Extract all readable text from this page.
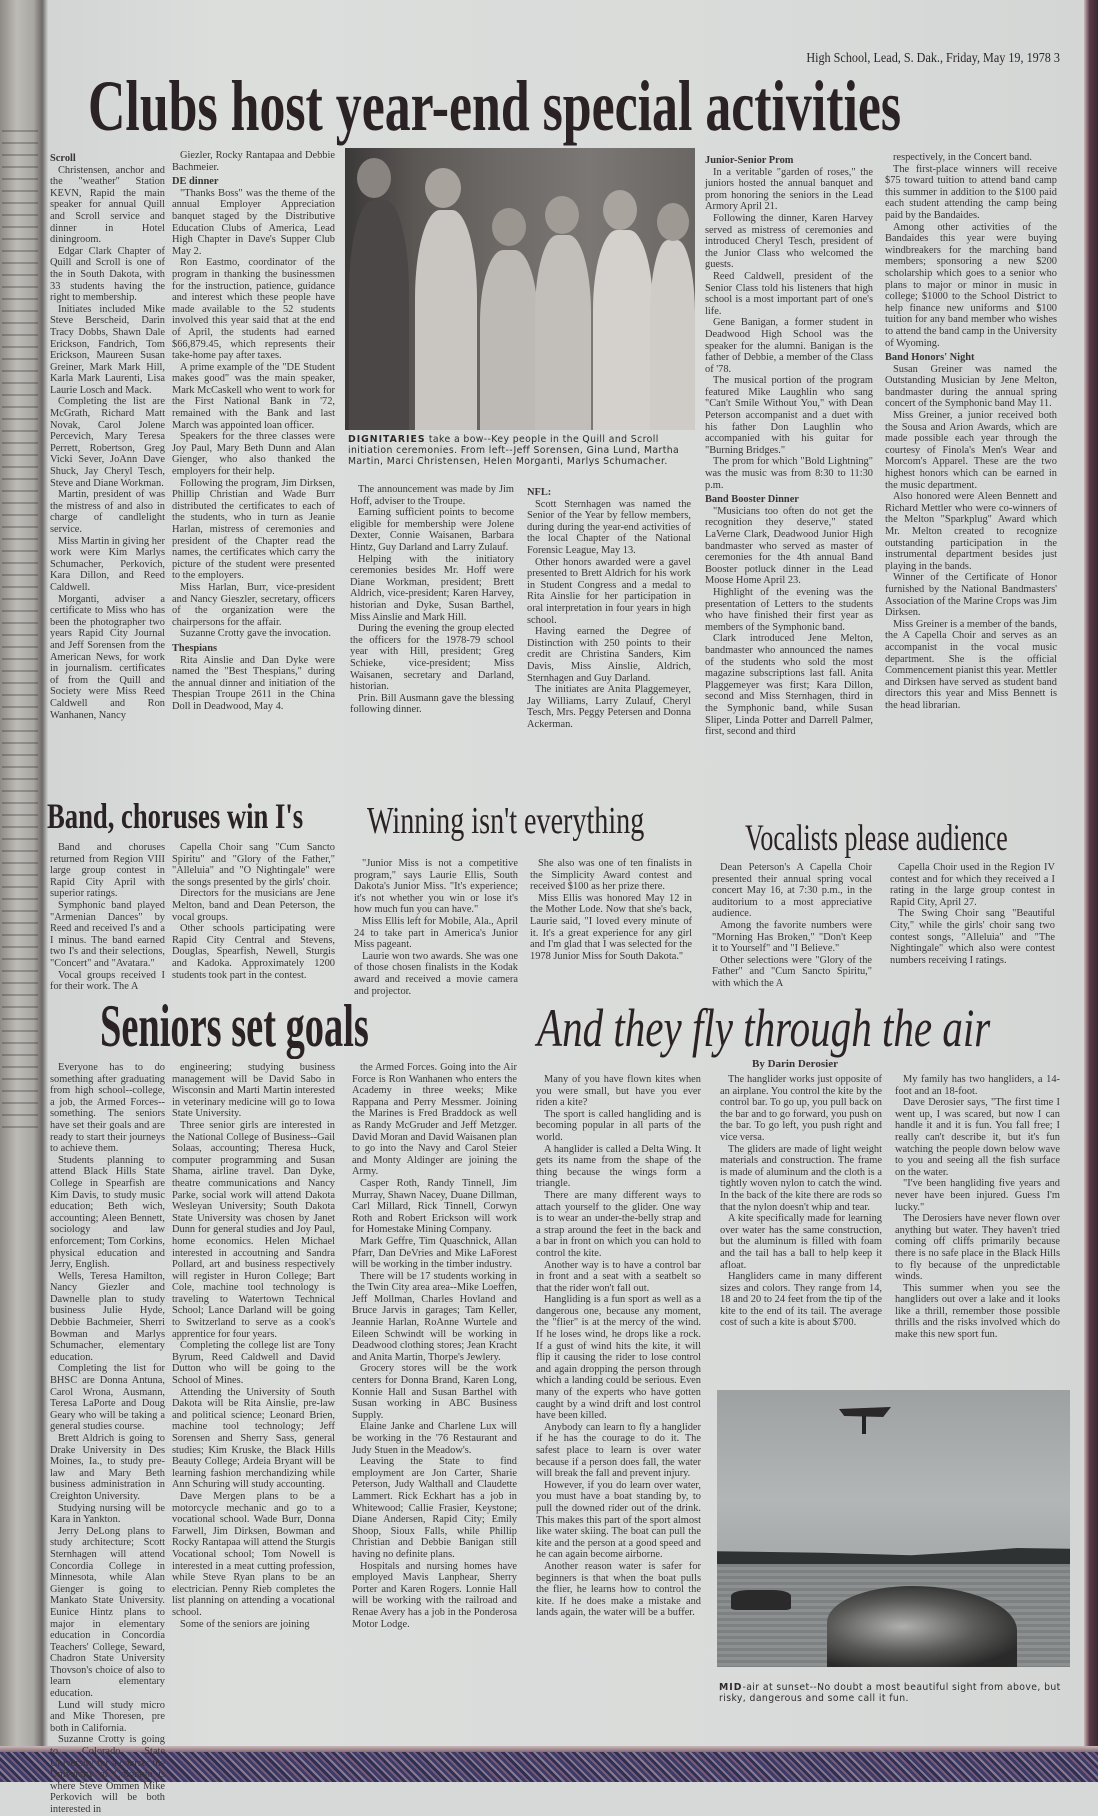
High School, Lead, S. Dak., Friday, May 19, 1978 3
Clubs host year-end special activities

Scroll

Christensen, anchor and the "weather" Station KEVN, Rapid the main speaker for annual Quill and Scroll service and dinner in Hotel diningroom.

Edgar Clark Chapter of Quill and Scroll is one of the in South Dakota, with 33 students having the right to membership.

Initiates included Mike Steve Berscheid, Darin Tracy Dobbs, Shawn Dale Erickson, Fandrich, Tom Erickson, Maureen Susan Greiner, Mark Mark Hill, Karla Mark Laurenti, Lisa Laurie Losch and Mack.

Completing the list are McGrath, Richard Matt Novak, Carol Jolene Percevich, Mary Teresa Perrett, Robertson, Greg Vicki Sever, JoAnn Dave Shuck, Jay Cheryl Tesch, Steve and Diane Workman.

Martin, president of was the mistress of and also in charge of candlelight service.

Miss Martin in giving her work were Kim Marlys Schumacher, Perkovich, Kara Dillon, and Reed Caldwell.

Morganti, adviser a certificate to Miss who has been the photographer two years Rapid City Journal and Jeff Sorensen from the American News, for work in journalism. certificates of from the Quill and Society were Miss Reed Caldwell and Ron Wanhanen, Nancy

Giezler, Rocky Rantapaa and Debbie Bachmeier.

DE dinner

"Thanks Boss" was the theme of the annual Employer Appreciation banquet staged by the Distributive Education Clubs of America, Lead High Chapter in Dave's Supper Club May 2.

Ron Eastmo, coordinator of the program in thanking the businessmen for the instruction, patience, guidance and interest which these people have made available to the 52 students involved this year said that at the end of April, the students had earned $66,879.45, which represents their take-home pay after taxes.

A prime example of the "DE Student makes good" was the main speaker, Mark McCaskell who went to work for the First National Bank in '72, remained with the Bank and last March was appointed loan officer.

Speakers for the three classes were Joy Paul, Mary Beth Dunn and Alan Gienger, who also thanked the employers for their help.

Following the program, Jim Dirksen, Phillip Christian and Wade Burr distributed the certificates to each of the students, who in turn as Jeanie Harlan, mistress of ceremonies and president of the Chapter read the names, the certificates which carry the picture of the student were presented to the employers.

Miss Harlan, Burr, vice-president and Nancy Gieszler, secretary, officers of the organization were the chairpersons for the affair.

Suzanne Crotty gave the invocation.

Thespians

Rita Ainslie and Dan Dyke were named the "Best Thespians," during the annual dinner and initiation of the Thespian Troupe 2611 in the China Doll in Deadwood, May 4.

DIGNITARIES take a bow--Key people in the Quill and Scroll initiation ceremonies. From left--Jeff Sorensen, Gina Lund, Martha Martin, Marci Christensen, Helen Morganti, Marlys Schumacher.

The announcement was made by Jim Hoff, adviser to the Troupe.

Earning sufficient points to become eligible for membership were Jolene Dexter, Connie Waisanen, Barbara Hintz, Guy Darland and Larry Zulauf.

Helping with the initiatory ceremonies besides Mr. Hoff were Diane Workman, president; Brett Aldrich, vice-president; Karen Harvey, historian and Dyke, Susan Barthel, Miss Ainslie and Mark Hill.

During the evening the group elected the officers for the 1978-79 school year with Hill, president; Greg Schieke, vice-president; Miss Waisanen, secretary and Darland, historian.

Prin. Bill Ausmann gave the blessing following dinner.

NFL:

Scott Sternhagen was named the Senior of the Year by fellow members, during during the year-end activities of the local Chapter of the National Forensic League, May 13.

Other honors awarded were a gavel presented to Brett Aldrich for his work in Student Congress and a medal to Rita Ainslie for her participation in oral interpretation in four years in high school.

Having earned the Degree of Distinction with 250 points to their credit are Christina Sanders, Kim Davis, Miss Ainslie, Aldrich, Sternhagen and Guy Darland.

The initiates are Anita Plaggemeyer, Jay Williams, Larry Zulauf, Cheryl Tesch, Mrs. Peggy Petersen and Donna Ackerman.

Junior-Senior Prom

In a veritable "garden of roses," the juniors hosted the annual banquet and prom honoring the seniors in the Lead Armory April 21.

Following the dinner, Karen Harvey served as mistress of ceremonies and introduced Cheryl Tesch, president of the Junior Class who welcomed the guests.

Reed Caldwell, president of the Senior Class told his listeners that high school is a most important part of one's life.

Gene Banigan, a former student in Deadwood High School was the speaker for the alumni. Banigan is the father of Debbie, a member of the Class of '78.

The musical portion of the program featured Mike Laughlin who sang "Can't Smile Without You," with Dean Peterson accompanist and a duet with his father Don Laughlin who accompanied with his guitar for "Burning Bridges."

The prom for which "Bold Lightning" was the music was from 8:30 to 11:30 p.m.

Band Booster Dinner

"Musicians too often do not get the recognition they deserve," stated LaVerne Clark, Deadwood Junior High bandmaster who served as master of ceremonies for the 4th annual Band Booster potluck dinner in the Lead Moose Home April 23.

Highlight of the evening was the presentation of Letters to the students who have finished their first year as members of the Symphonic band.

Clark introduced Jene Melton, bandmaster who announced the names of the students who sold the most magazine subscriptions last fall. Anita Plaggemeyer was first; Kara Dillon, second and Miss Sternhagen, third in the Symphonic band, while Susan Sliper, Linda Potter and Darrell Palmer, first, second and third

respectively, in the Concert band.

The first-place winners will receive $75 toward tuition to attend band camp this summer in addition to the $100 paid each student attending the camp being paid by the Bandaides.

Among other activities of the Bandaides this year were buying windbreakers for the marching band members; sponsoring a new $200 scholarship which goes to a senior who plans to major or minor in music in college; $1000 to the School District to help finance new uniforms and $100 tuition for any band member who wishes to attend the band camp in the University of Wyoming.

Band Honors' Night

Susan Greiner was named the Outstanding Musician by Jene Melton, bandmaster during the annual spring concert of the Symphonic band May 11.

Miss Greiner, a junior received both the Sousa and Arion Awards, which are made possible each year through the courtesy of Finola's Men's Wear and Morcom's Apparel. These are the two highest honors which can be earned in the music department.

Also honored were Aleen Bennett and Richard Mettler who were co-winners of the Melton "Sparkplug" Award which Mr. Melton created to recognize outstanding participation in the instrumental department besides just playing in the bands.

Winner of the Certificate of Honor furnished by the National Bandmasters' Association of the Marine Crops was Jim Dirksen.

Miss Greiner is a member of the bands, the A Capella Choir and serves as an accompanist in the vocal music department. She is the official Commencement pianist this year. Mettler and Dirksen have served as student band directors this year and Miss Bennett is the head librarian.

Band, choruses win I's

Band and choruses returned from Region VIII large group contest in Rapid City April with superior ratings.

Symphonic band played "Armenian Dances" by Reed and received I's and a I minus. The band earned two I's and their selections, "Concert" and "Avatara."

Vocal groups received I for their work. The A

Capella Choir sang "Cum Sancto Spiritu" and "Glory of the Father," "Alleluia" and "O Nightingale" were the songs presented by the girls' choir.

Directors for the musicians are Jene Melton, band and Dean Peterson, the vocal groups.

Other schools participating were Rapid City Central and Stevens, Douglas, Spearfish, Newell, Sturgis and Kadoka. Approximately 1200 students took part in the contest.

Winning isn't everything

"Junior Miss is not a competitive program," says Laurie Ellis, South Dakota's Junior Miss. "It's experience; it's not whether you win or lose it's how much fun you can have."

Miss Ellis left for Mobile, Ala., April 24 to take part in America's Junior Miss pageant.

Laurie won two awards. She was one of those chosen finalists in the Kodak award and received a movie camera and projector.

She also was one of ten finalists in the Simplicity Award contest and received $100 as her prize there.

Miss Ellis was honored May 12 in the Mother Lode. Now that she's back, Laurie said, "I loved every minute of it. It's a great experience for any girl and I'm glad that I was selected for the 1978 Junior Miss for South Dakota."

Vocalists please audience

Dean Peterson's A Capella Choir presented their annual spring vocal concert May 16, at 7:30 p.m., in the auditorium to a most appreciative audience.

Among the favorite numbers were "Morning Has Broken," "Don't Keep it to Yourself" and "I Believe."

Other selections were "Glory of the Father" and "Cum Sancto Spiritu," with which the A

Capella Choir used in the Region IV contest and for which they received a I rating in the large group contest in Rapid City, April 27.

The Swing Choir sang "Beautiful City," while the girls' choir sang two contest songs, "Alleluia" and "The Nightingale" which also were contest numbers receiving I ratings.

Seniors set goals

Everyone has to do something after graduating from high school--college, a job, the Armed Forces--something. The seniors have set their goals and are ready to start their journeys to achieve them.

Students planning to attend Black Hills State College in Spearfish are Kim Davis, to study music education; Beth wich, accounting; Aleen Bennett, sociology and law enforcement; Tom Corkins, physical education and Jerry, English.

Wells, Teresa Hamilton, Nancy Giezler and Dawnelle plan to study business Julie Hyde, Debbie Bachmeier, Sherri Bowman and Marlys Schumacher, elementary education.

Completing the list for BHSC are Donna Antuna, Carol Wrona, Ausmann, Teresa LaPorte and Doug Geary who will be taking a general studies course.

Brett Aldrich is going to Drake University in Des Moines, Ia., to study pre-law and Mary Beth business administration in Creighton University.

Studying nursing will be Kara in Yankton.

Jerry DeLong plans to study architecture; Scott Sternhagen will attend Concordia College in Minnesota, while Alan Gienger is going to Mankato State University. Eunice Hintz plans to major in elementary education in Concordia Teachers' College, Seward, Chadron State University Thovson's choice of also to learn elementary education.

Lund will study micro and Mike Thoresen, pre both in California.

Suzanne Crotty is going to Colorado State University for a course; the University of Colorado is where Steve Ommen Mike Perkovich will be both interested in

engineering; studying business management will be David Sabo in Wisconsin and Marti Martin interested in veterinary medicine will go to Iowa State University.

Three senior girls are interested in the National College of Business--Gail Solaas, accounting; Theresa Huck, computer programming and Susan Shama, airline travel. Dan Dyke, theatre communications and Nancy Parke, social work will attend Dakota Wesleyan University; South Dakota State University was chosen by Janet Dunn for general studies and Joy Paul, home economics. Helen Michael interested in accoutning and Sandra Pollard, art and business respectively will register in Huron College; Bart Cole, machine tool technology is traveling to Watertown Technical School; Lance Darland will be going to Switzerland to serve as a cook's apprentice for four years.

Completing the college list are Tony Byrum, Reed Caldwell and David Dutton who will be going to the School of Mines.

Attending the University of South Dakota will be Rita Ainslie, pre-law and political science; Leonard Brien, machine tool technology; Jeff Sorensen and Sherry Sass, general studies; Kim Kruske, the Black Hills Beauty College; Ardeia Bryant will be learning fashion merchandizing while Ann Schuring will study accounting.

Dave Mergen plans to be a motorcycle mechanic and go to a vocational school. Wade Burr, Donna Farwell, Jim Dirksen, Bowman and Rocky Rantapaa will attend the Sturgis Vocational school; Tom Nowell is interested in a meat cutting profession, while Steve Ryan plans to be an electrician. Penny Rieb completes the list planning on attending a vocational school.

Some of the seniors are joining

the Armed Forces. Going into the Air Force is Ron Wanhanen who enters the Academy in three weeks; Mike Rappana and Perry Messmer. Joining the Marines is Fred Braddock as well as Randy McGruder and Jeff Metzger. David Moran and David Waisanen plan to go into the Navy and Carol Steier and Monty Aldinger are joining the Army.

Casper Roth, Randy Tinnell, Jim Murray, Shawn Nacey, Duane Dillman, Carl Millard, Rick Tinnell, Corwyn Roth and Robert Erickson will work for Homestake Mining Company.

Mark Geffre, Tim Quaschnick, Allan Pfarr, Dan DeVries and Mike LaForest will be working in the timber industry.

There will be 17 students working in the Twin City area area--Mike Loeffen, Jeff Mollman, Charles Hovland and Bruce Jarvis in garages; Tam Keller, Jeannie Harlan, RoAnne Wurtele and Eileen Schwindt will be working in Deadwood clothing stores; Jean Kracht and Anita Martin, Thorpe's Jewlery.

Grocery stores will be the work centers for Donna Brand, Karen Long, Konnie Hall and Susan Barthel with Susan working in ABC Business Supply.

Elaine Janke and Charlene Lux will be working in the '76 Restaurant and Judy Stuen in the Meadow's.

Leaving the State to find employment are Jon Carter, Sharie Peterson, Judy Walthall and Claudette Lammert. Rick Eckhart has a job in Whitewood; Callie Frasier, Keystone; Diane Andersen, Rapid City; Emily Shoop, Sioux Falls, while Phillip Christian and Debbie Banigan still having no definite plans.

Hospitals and nursing homes have employed Mavis Lanphear, Sherry Porter and Karen Rogers. Lonnie Hall will be working with the railroad and Renae Avery has a job in the Ponderosa Motor Lodge.

And they fly through the air
By Darin Derosier

Many of you have flown kites when you were small, but have you ever riden a kite?

The sport is called hangliding and is becoming popular in all parts of the world.

A hanglider is called a Delta Wing. It gets its name from the shape of the thing because the wings form a triangle.

There are many different ways to attach yourself to the glider. One way is to wear an under-the-belly strap and a strap around the feet in the back and a bar in front on which you can hold to control the kite.

Another way is to have a control bar in front and a seat with a seatbelt so that the rider won't fall out.

Hangliding is a fun sport as well as a dangerous one, because any moment, the "flier" is at the mercy of the wind. If he loses wind, he drops like a rock. If a gust of wind hits the kite, it will flip it causing the rider to lose control and again dropping the person through which a landing could be serious. Even many of the experts who have gotten caught by a wind drift and lost control have been killed.

Anybody can learn to fly a hanglider if he has the courage to do it. The safest place to learn is over water because if a person does fall, the water will break the fall and prevent injury.

However, if you do learn over water, you must have a boat standing by, to pull the downed rider out of the drink. This makes this part of the sport almost like water skiing. The boat can pull the kite and the person at a good speed and he can again become airborne.

Another reason water is safer for beginners is that when the boat pulls the flier, he learns how to control the kite. If he does make a mistake and lands again, the water will be a buffer.

The hanglider works just opposite of an airplane. You control the kite by the control bar. To go up, you pull back on the bar and to go forward, you push on the bar. To go left, you push right and vice versa.

The gliders are made of light weight materials and construction. The frame is made of aluminum and the cloth is a tightly woven nylon to catch the wind. In the back of the kite there are rods so that the nylon doesn't whip and tear.

A kite specifically made for learning over water has the same construction, but the aluminum is filled with foam and the tail has a ball to help keep it afloat.

Hangliders came in many different sizes and colors. They range from 14, 18 and 20 to 24 feet from the tip of the kite to the end of its tail. The average cost of such a kite is about $700.

My family has two hangliders, a 14-foot and an 18-foot.

Dave Derosier says, "The first time I went up, I was scared, but now I can handle it and it is fun. You fall free; I really can't describe it, but it's fun watching the people down below wave to you and seeing all the fish surface on the water.

"I've been hangliding five years and never have been injured. Guess I'm lucky."

The Derosiers have never flown over anything but water. They haven't tried coming off cliffs primarily because there is no safe place in the Black Hills to fly because of the unpredictable winds.

This summer when you see the hangliders out over a lake and it looks like a thrill, remember those possible thrills and the risks involved which do make this new sport fun.

MID-air at sunset--No doubt a most beautiful sight from above, but risky, dangerous and some call it fun.
